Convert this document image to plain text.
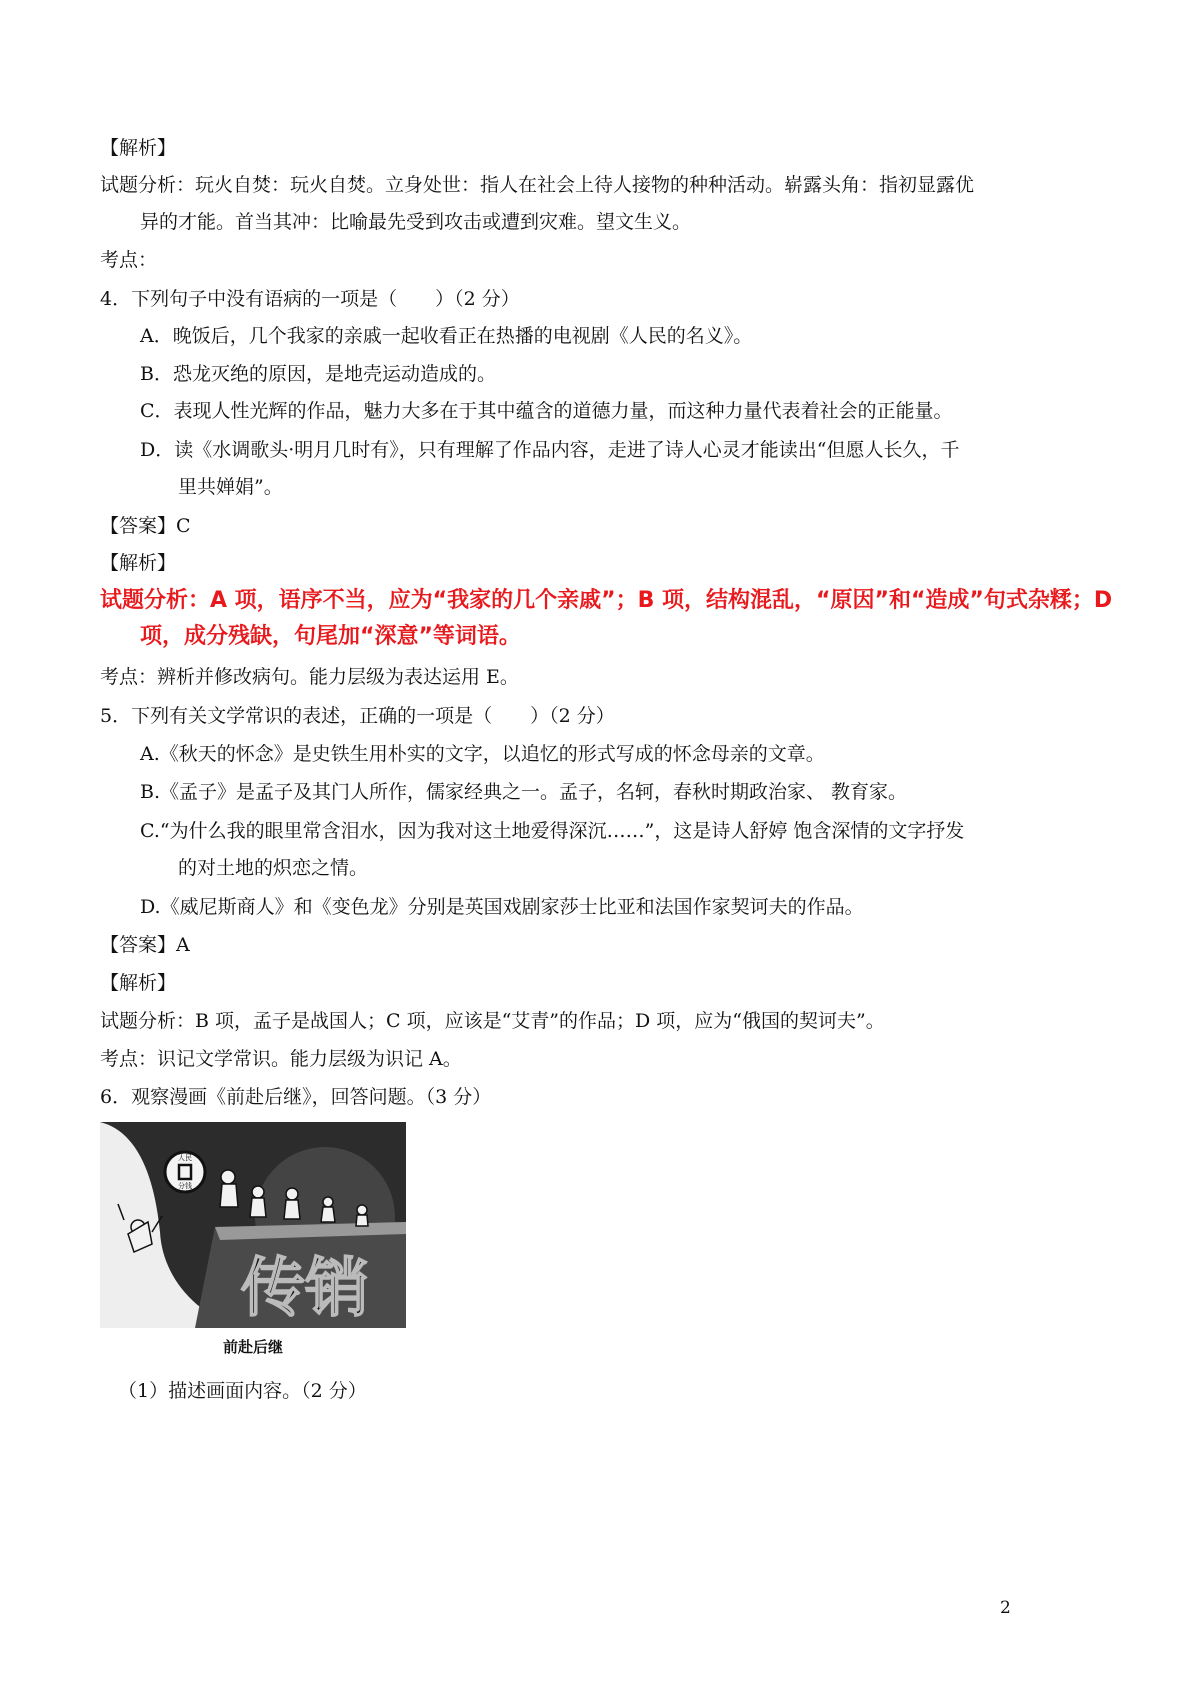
【解析】
试题分析：玩火自焚：玩火自焚。立身处世：指人在社会上待人接物的种种活动。崭露头角：指初显露优
异的才能。首当其冲：比喻最先受到攻击或遭到灾难。望文生义。
考点：
4．下列句子中没有语病的一项是（　　）（2 分）
A．晚饭后，几个我家的亲戚一起收看正在热播的电视剧《人民的名义》。
B．恐龙灭绝的原因，是地壳运动造成的。
C．表现人性光辉的作品，魅力大多在于其中蕴含的道德力量，而这种力量代表着社会的正能量。
D．读《水调歌头·明月几时有》，只有理解了作品内容，走进了诗人心灵才能读出“但愿人长久，千
里共婵娟”。
【答案】C
【解析】
试题分析：A 项，语序不当，应为“我家的几个亲戚”；B 项，结构混乱，“原因”和“造成”句式杂糅；D
项，成分残缺，句尾加“深意”等词语。
考点：辨析并修改病句。能力层级为表达运用 E。
5．下列有关文学常识的表述，正确的一项是（　　）（2 分）
A.《秋天的怀念》是史铁生用朴实的文字，以追忆的形式写成的怀念母亲的文章。
B.《孟子》是孟子及其门人所作，儒家经典之一。孟子，名轲，春秋时期政治家、 教育家。
C.“为什么我的眼里常含泪水，因为我对这土地爱得深沉……”，这是诗人舒婷 饱含深情的文字抒发
的对土地的炽恋之情。
D.《威尼斯商人》和《变色龙》分别是英国戏剧家莎士比亚和法国作家契诃夫的作品。
【答案】A
【解析】
试题分析：B 项，孟子是战国人；C 项，应该是“艾青”的作品；D 项，应为“俄国的契诃夫”。
考点：识记文学常识。能力层级为识记 A。
6．观察漫画《前赴后继》，回答问题。（3 分）
人民
分钱
传销
前赴后继
（1）描述画面内容。（2 分）
2
